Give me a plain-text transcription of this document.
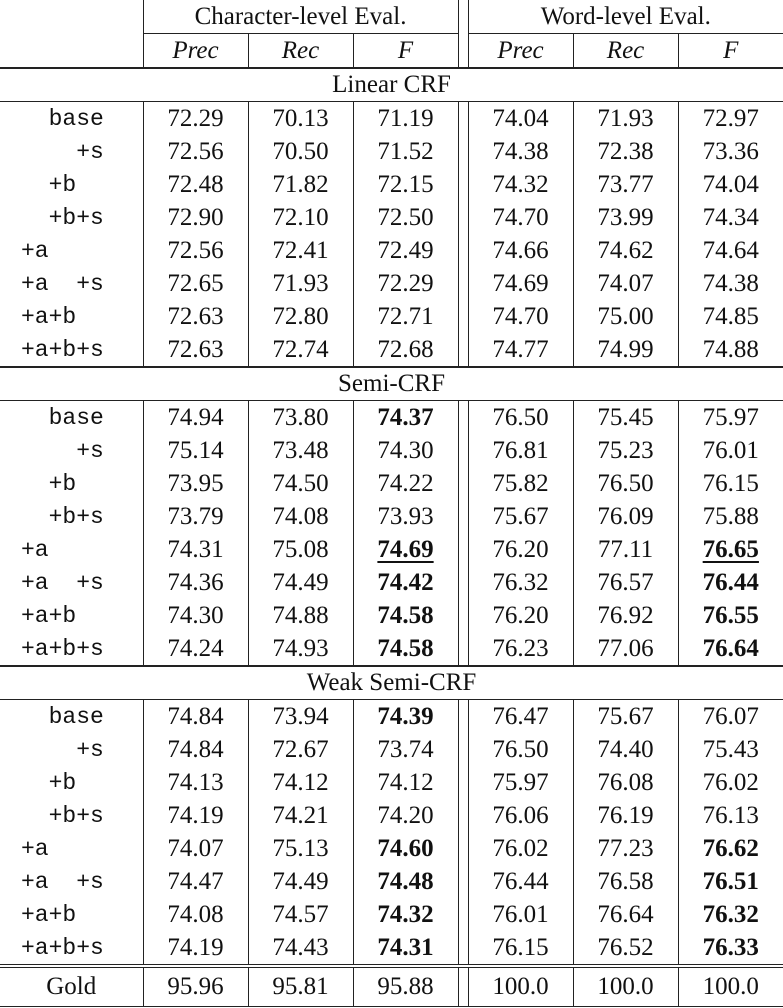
	Character-level Eval.				Word-level Eval.		
	Prec	Rec	F		Prec	Rec	F
Linear CRF							
base	72.29	70.13	71.19		74.04	71.93	72.97
+s	72.56	70.50	71.52		74.38	72.38	73.36
+b	72.48	71.82	72.15		74.32	73.77	74.04
+b+s	72.90	72.10	72.50		74.70	73.99	74.34
+a	72.56	72.41	72.49		74.66	74.62	74.64
+a  +s	72.65	71.93	72.29		74.69	74.07	74.38
+a+b	72.63	72.80	72.71		74.70	75.00	74.85
+a+b+s	72.63	72.74	72.68		74.77	74.99	74.88
Semi-CRF							
base	74.94	73.80	74.37		76.50	75.45	75.97
+s	75.14	73.48	74.30		76.81	75.23	76.01
+b	73.95	74.50	74.22		75.82	76.50	76.15
+b+s	73.79	74.08	73.93		75.67	76.09	75.88
+a	74.31	75.08	74.69		76.20	77.11	76.65
+a  +s	74.36	74.49	74.42		76.32	76.57	76.44
+a+b	74.30	74.88	74.58		76.20	76.92	76.55
+a+b+s	74.24	74.93	74.58		76.23	77.06	76.64
Weak Semi-CRF							
base	74.84	73.94	74.39		76.47	75.67	76.07
+s	74.84	72.67	73.74		76.50	74.40	75.43
+b	74.13	74.12	74.12		75.97	76.08	76.02
+b+s	74.19	74.21	74.20		76.06	76.19	76.13
+a	74.07	75.13	74.60		76.02	77.23	76.62
+a  +s	74.47	74.49	74.48		76.44	76.58	76.51
+a+b	74.08	74.57	74.32		76.01	76.64	76.32
+a+b+s	74.19	74.43	74.31		76.15	76.52	76.33
Gold	95.96	95.81	95.88		100.0	100.0	100.0
